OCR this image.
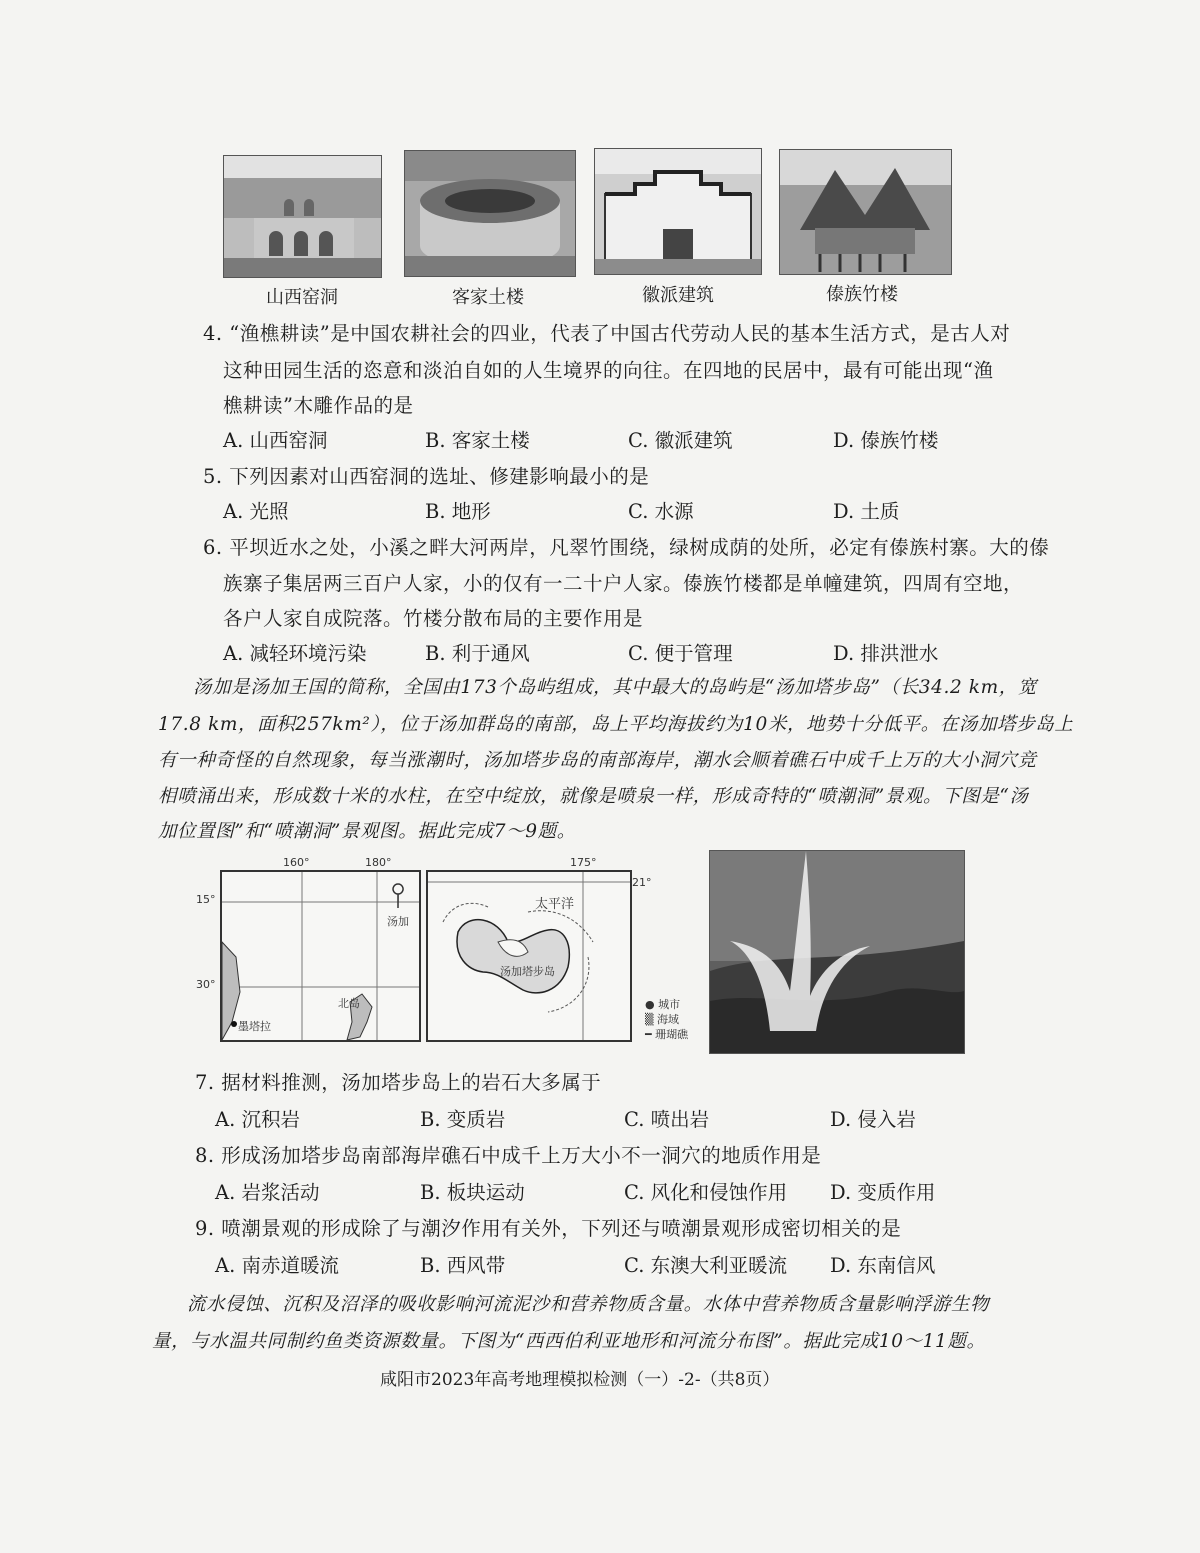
山西窑洞	客家土楼	徽派建筑	傣族竹楼
4. “渔樵耕读”是中国农耕社会的四业，代表了中国古代劳动人民的基本生活方式，是古人对
这种田园生活的恣意和淡泊自如的人生境界的向往。在四地的民居中，最有可能出现“渔
樵耕读”木雕作品的是
A. 山西窑洞	B. 客家土楼	C. 徽派建筑	D. 傣族竹楼
5. 下列因素对山西窑洞的选址、修建影响最小的是
A. 光照	B. 地形	C. 水源	D. 土质
6. 平坝近水之处，小溪之畔大河两岸，凡翠竹围绕，绿树成荫的处所，必定有傣族村寨。大的傣
族寨子集居两三百户人家，小的仅有一二十户人家。傣族竹楼都是单幢建筑，四周有空地，
各户人家自成院落。竹楼分散布局的主要作用是
A. 减轻环境污染	B. 利于通风	C. 便于管理	D. 排洪泄水
汤加是汤加王国的简称，全国由173个岛屿组成，其中最大的岛屿是“汤加塔步岛”（长34.2 km，宽
17.8 km，面积257km²），位于汤加群岛的南部，岛上平均海拔约为10米，地势十分低平。在汤加塔步岛上
有一种奇怪的自然现象，每当涨潮时，汤加塔步岛的南部海岸，潮水会顺着礁石中成千上万的大小洞穴竞
相喷涌出来，形成数十米的水柱，在空中绽放，就像是喷泉一样，形成奇特的“喷潮洞”景观。下图是“汤
加位置图”和“喷潮洞”景观图。据此完成7～9题。
160°	180°
15°
30°
汤加
北岛
墨塔拉
175°
21°
太平洋
汤加塔步岛
● 城市
▒ 海域
━ 珊瑚礁
7. 据材料推测，汤加塔步岛上的岩石大多属于
A. 沉积岩	B. 变质岩	C. 喷出岩	D. 侵入岩
8. 形成汤加塔步岛南部海岸礁石中成千上万大小不一洞穴的地质作用是
A. 岩浆活动	B. 板块运动	C. 风化和侵蚀作用 D. 变质作用
9. 喷潮景观的形成除了与潮汐作用有关外，下列还与喷潮景观形成密切相关的是
A. 南赤道暖流	B. 西风带	C. 东澳大利亚暖流 D. 东南信风
流水侵蚀、沉积及沼泽的吸收影响河流泥沙和营养物质含量。水体中营养物质含量影响浮游生物
量，与水温共同制约鱼类资源数量。下图为“西西伯利亚地形和河流分布图”。据此完成10～11题。
咸阳市2023年高考地理模拟检测（一）-2-（共8页）
